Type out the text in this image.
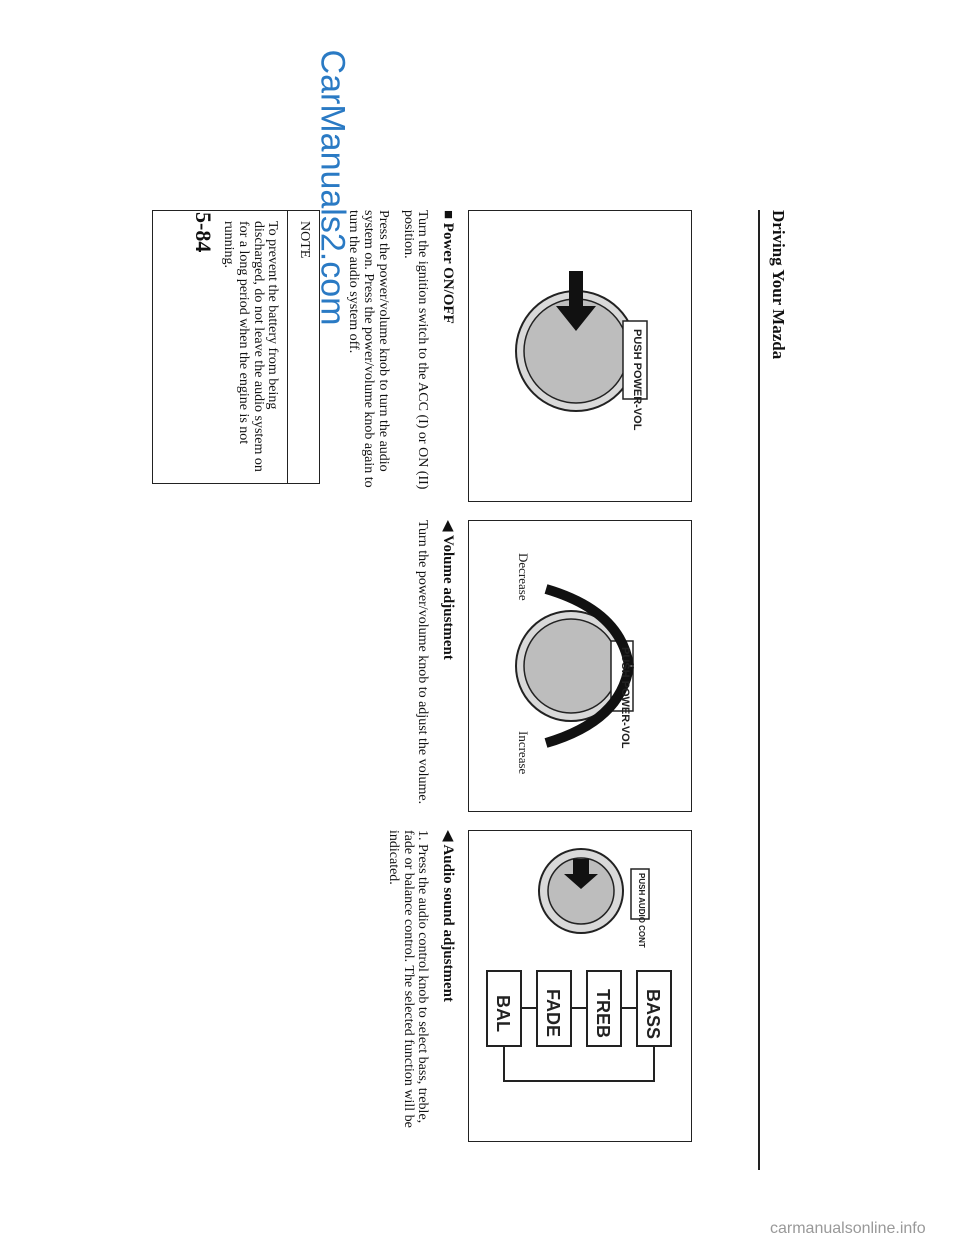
Driving Your Mazda
PUSH POWER-VOL
PUSH POWER-VOL
Decrease
Increase
PUSH AUDIO CONT
BASS
TREB
FADE
BAL
■ Power ON/OFF
Turn the ignition switch to the ACC (I) or ON (II) position.
Press the power/volume knob to turn the audio system on. Press the power/volume knob again to turn the audio system off.
◀ Volume adjustment
Turn the power/volume knob to adjust the volume.
◀ Audio sound adjustment
1. Press the audio control knob to select bass, treble, fade or balance control. The selected function will be indicated.
NOTE
To prevent the battery from being discharged, do not leave the audio system on for a long period when the engine is not running.
5-84	CarManuals2.com
carmanualsonline.info
